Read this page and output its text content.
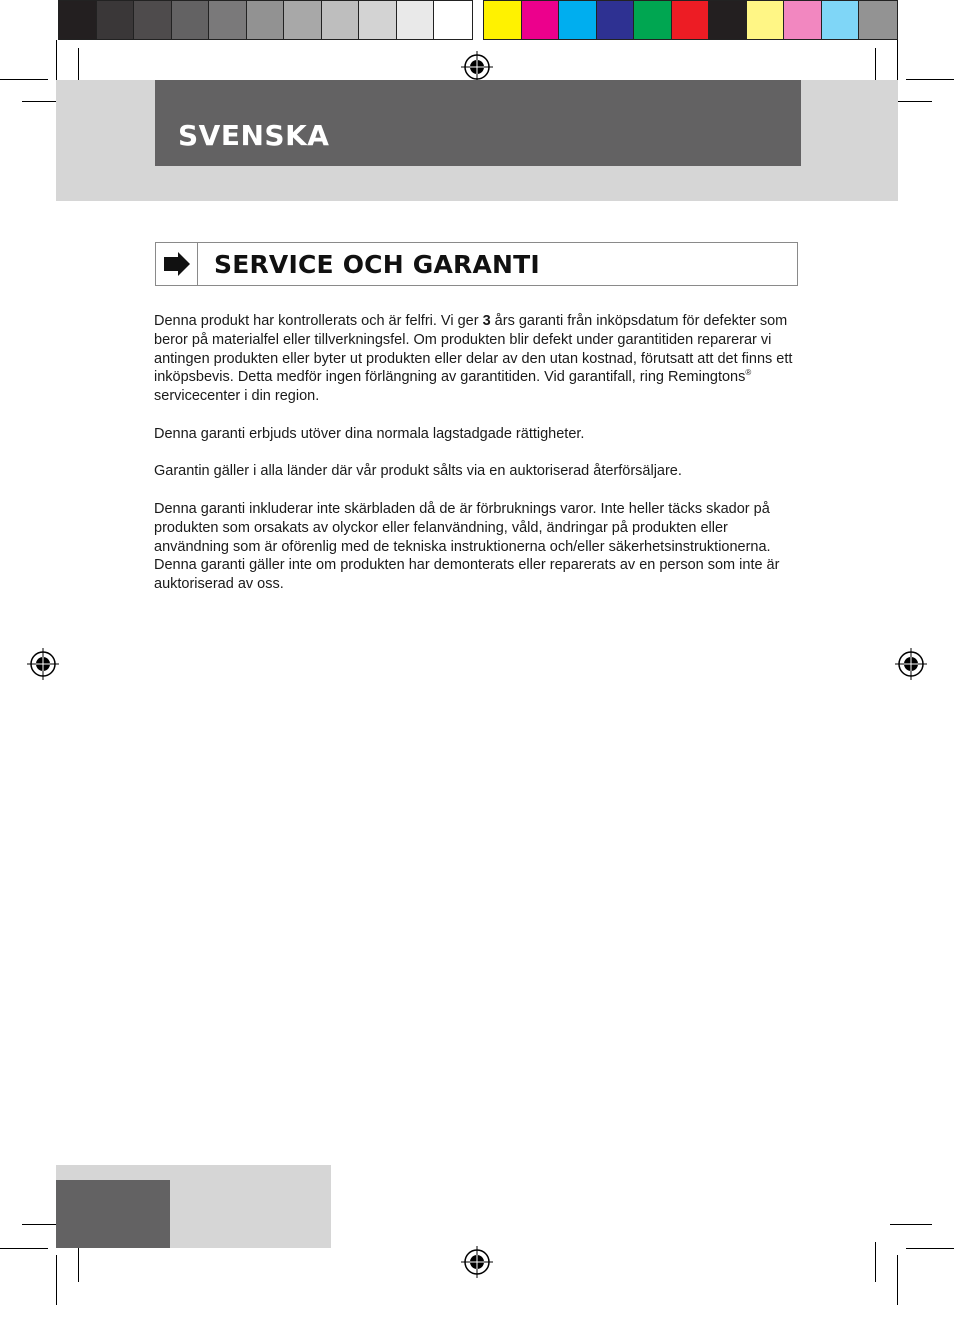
SVENSKA
SERVICE OCH GARANTI

Denna produkt har kontrollerats och är felfri. Vi ger 3 års garanti från inköpsdatum för defekter som beror på materialfel eller tillverkningsfel. Om produkten blir defekt under garantitiden reparerar vi antingen produkten eller byter ut produkten eller delar av den utan kostnad, förutsatt att det finns ett inköpsbevis. Detta medför ingen förlängning av garantitiden. Vid garantifall, ring Remingtons® servicecenter i din region.

Denna garanti erbjuds utöver dina normala lagstadgade rättigheter.

Garantin gäller i alla länder där vår produkt sålts via en auktoriserad återförsäljare.

Denna garanti inkluderar inte skärbladen då de är förbruknings varor. Inte heller täcks skador på produkten som orsakats av olyckor eller felanvändning, våld, ändringar på produkten eller användning som är oförenlig med de tekniska instruktionerna och/eller säkerhetsinstruktionerna. Denna garanti gäller inte om produkten har demonterats eller reparerats av en person som inte är auktoriserad av oss.
